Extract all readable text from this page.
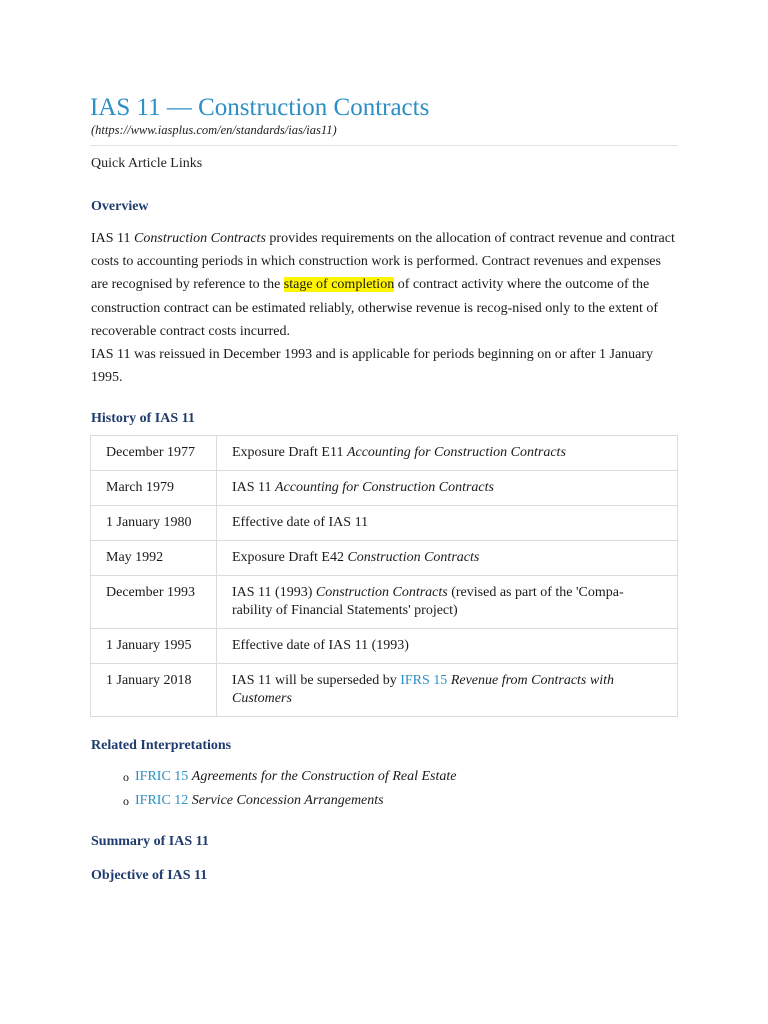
IAS 11 — Construction Contracts
(https://www.iasplus.com/en/standards/ias/ias11)
Quick Article Links
Overview

IAS 11 Construction Contracts provides requirements on the allocation of contract revenue and contract costs to accounting periods in which construction work is performed. Contract revenues and expenses are recognised by reference to the stage of completion of contract activity where the outcome of the construction contract can be estimated reliably, otherwise revenue is recog-nised only to the extent of recoverable contract costs incurred.

IAS 11 was reissued in December 1993 and is applicable for periods beginning on or after 1 January 1995.

History of IAS 11
December 1977	Exposure Draft E11 Accounting for Construction Contracts
March 1979	IAS 11 Accounting for Construction Contracts
1 January 1980	Effective date of IAS 11
May 1992	Exposure Draft E42 Construction Contracts
December 1993	IAS 11 (1993) Construction Contracts (revised as part of the 'Compa-rability of Financial Statements' project)
1 January 1995	Effective date of IAS 11 (1993)
1 January 2018	IAS 11 will be superseded by IFRS 15 Revenue from Contracts with Customers
Related Interpretations
o IFRIC 15 Agreements for the Construction of Real Estate
o IFRIC 12 Service Concession Arrangements
Summary of IAS 11
Objective of IAS 11
